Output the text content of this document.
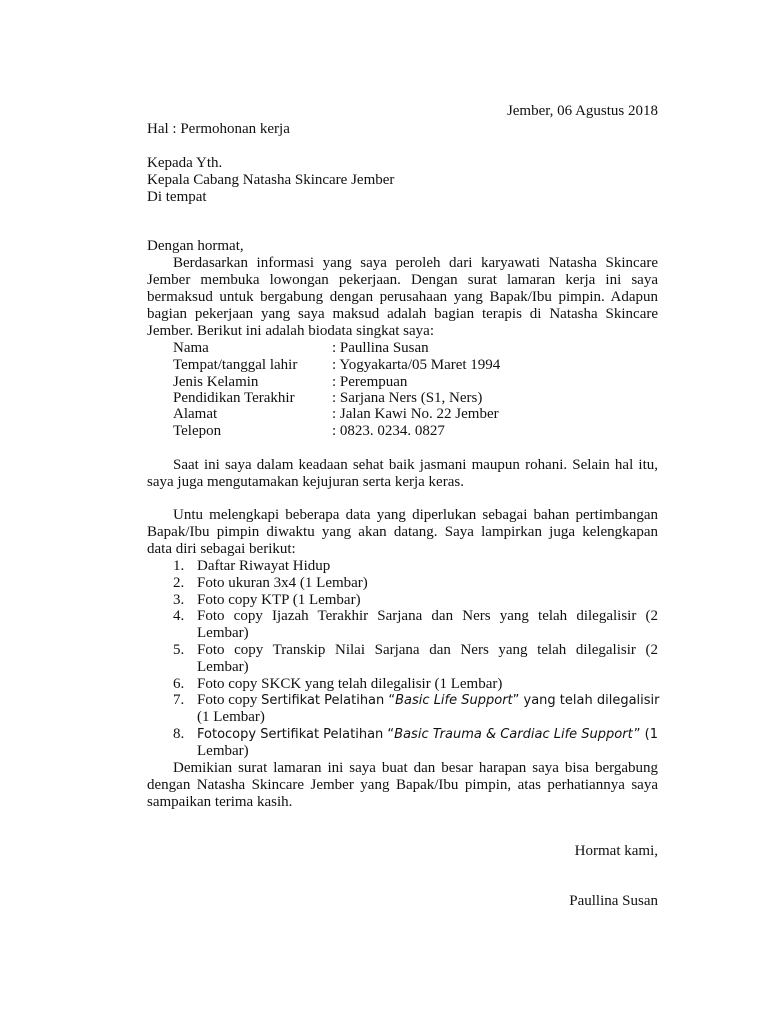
Jember, 06 Agustus 2018
Hal : Permohonan kerja
Kepada Yth.
Kepala Cabang Natasha Skincare Jember
Di tempat
Dengan hormat,
Berdasarkan informasi yang saya peroleh dari karyawati Natasha Skincare
Jember membuka lowongan pekerjaan. Dengan surat lamaran kerja ini saya
bermaksud untuk bergabung dengan perusahaan yang Bapak/Ibu pimpin. Adapun
bagian pekerjaan yang saya maksud adalah bagian terapis di Natasha Skincare
Jember. Berikut ini adalah biodata singkat saya:
Nama	: Paullina Susan
Tempat/tanggal lahir : Yogyakarta/05 Maret 1994
Jenis Kelamin	: Perempuan
Pendidikan Terakhir : Sarjana Ners (S1, Ners)
Alamat	: Jalan Kawi No. 22 Jember
Telepon	: 0823. 0234. 0827
Saat ini saya dalam keadaan sehat baik jasmani maupun rohani. Selain hal itu,
saya juga mengutamakan kejujuran serta kerja keras.
Untu melengkapi beberapa data yang diperlukan sebagai bahan pertimbangan
Bapak/Ibu pimpin diwaktu yang akan datang. Saya lampirkan juga kelengkapan
data diri sebagai berikut:
1. Daftar Riwayat Hidup
2. Foto ukuran 3x4 (1 Lembar)
3. Foto copy KTP (1 Lembar)
4. Foto copy Ijazah Terakhir Sarjana dan Ners yang telah dilegalisir (2
Lembar)
5. Foto copy Transkip Nilai Sarjana dan Ners yang telah dilegalisir (2
Lembar)
6. Foto copy SKCK yang telah dilegalisir (1 Lembar)
7. Foto copy Sertifikat Pelatihan “Basic Life Support” yang telah dilegalisir
(1 Lembar)
8. Fotocopy Sertifikat Pelatihan “Basic Trauma & Cardiac Life Support ” (1
Lembar)
Demikian surat lamaran ini saya buat dan besar harapan saya bisa bergabung
dengan Natasha Skincare Jember yang Bapak/Ibu pimpin, atas perhatiannya saya
sampaikan terima kasih.
Hormat kami,
Paullina Susan
